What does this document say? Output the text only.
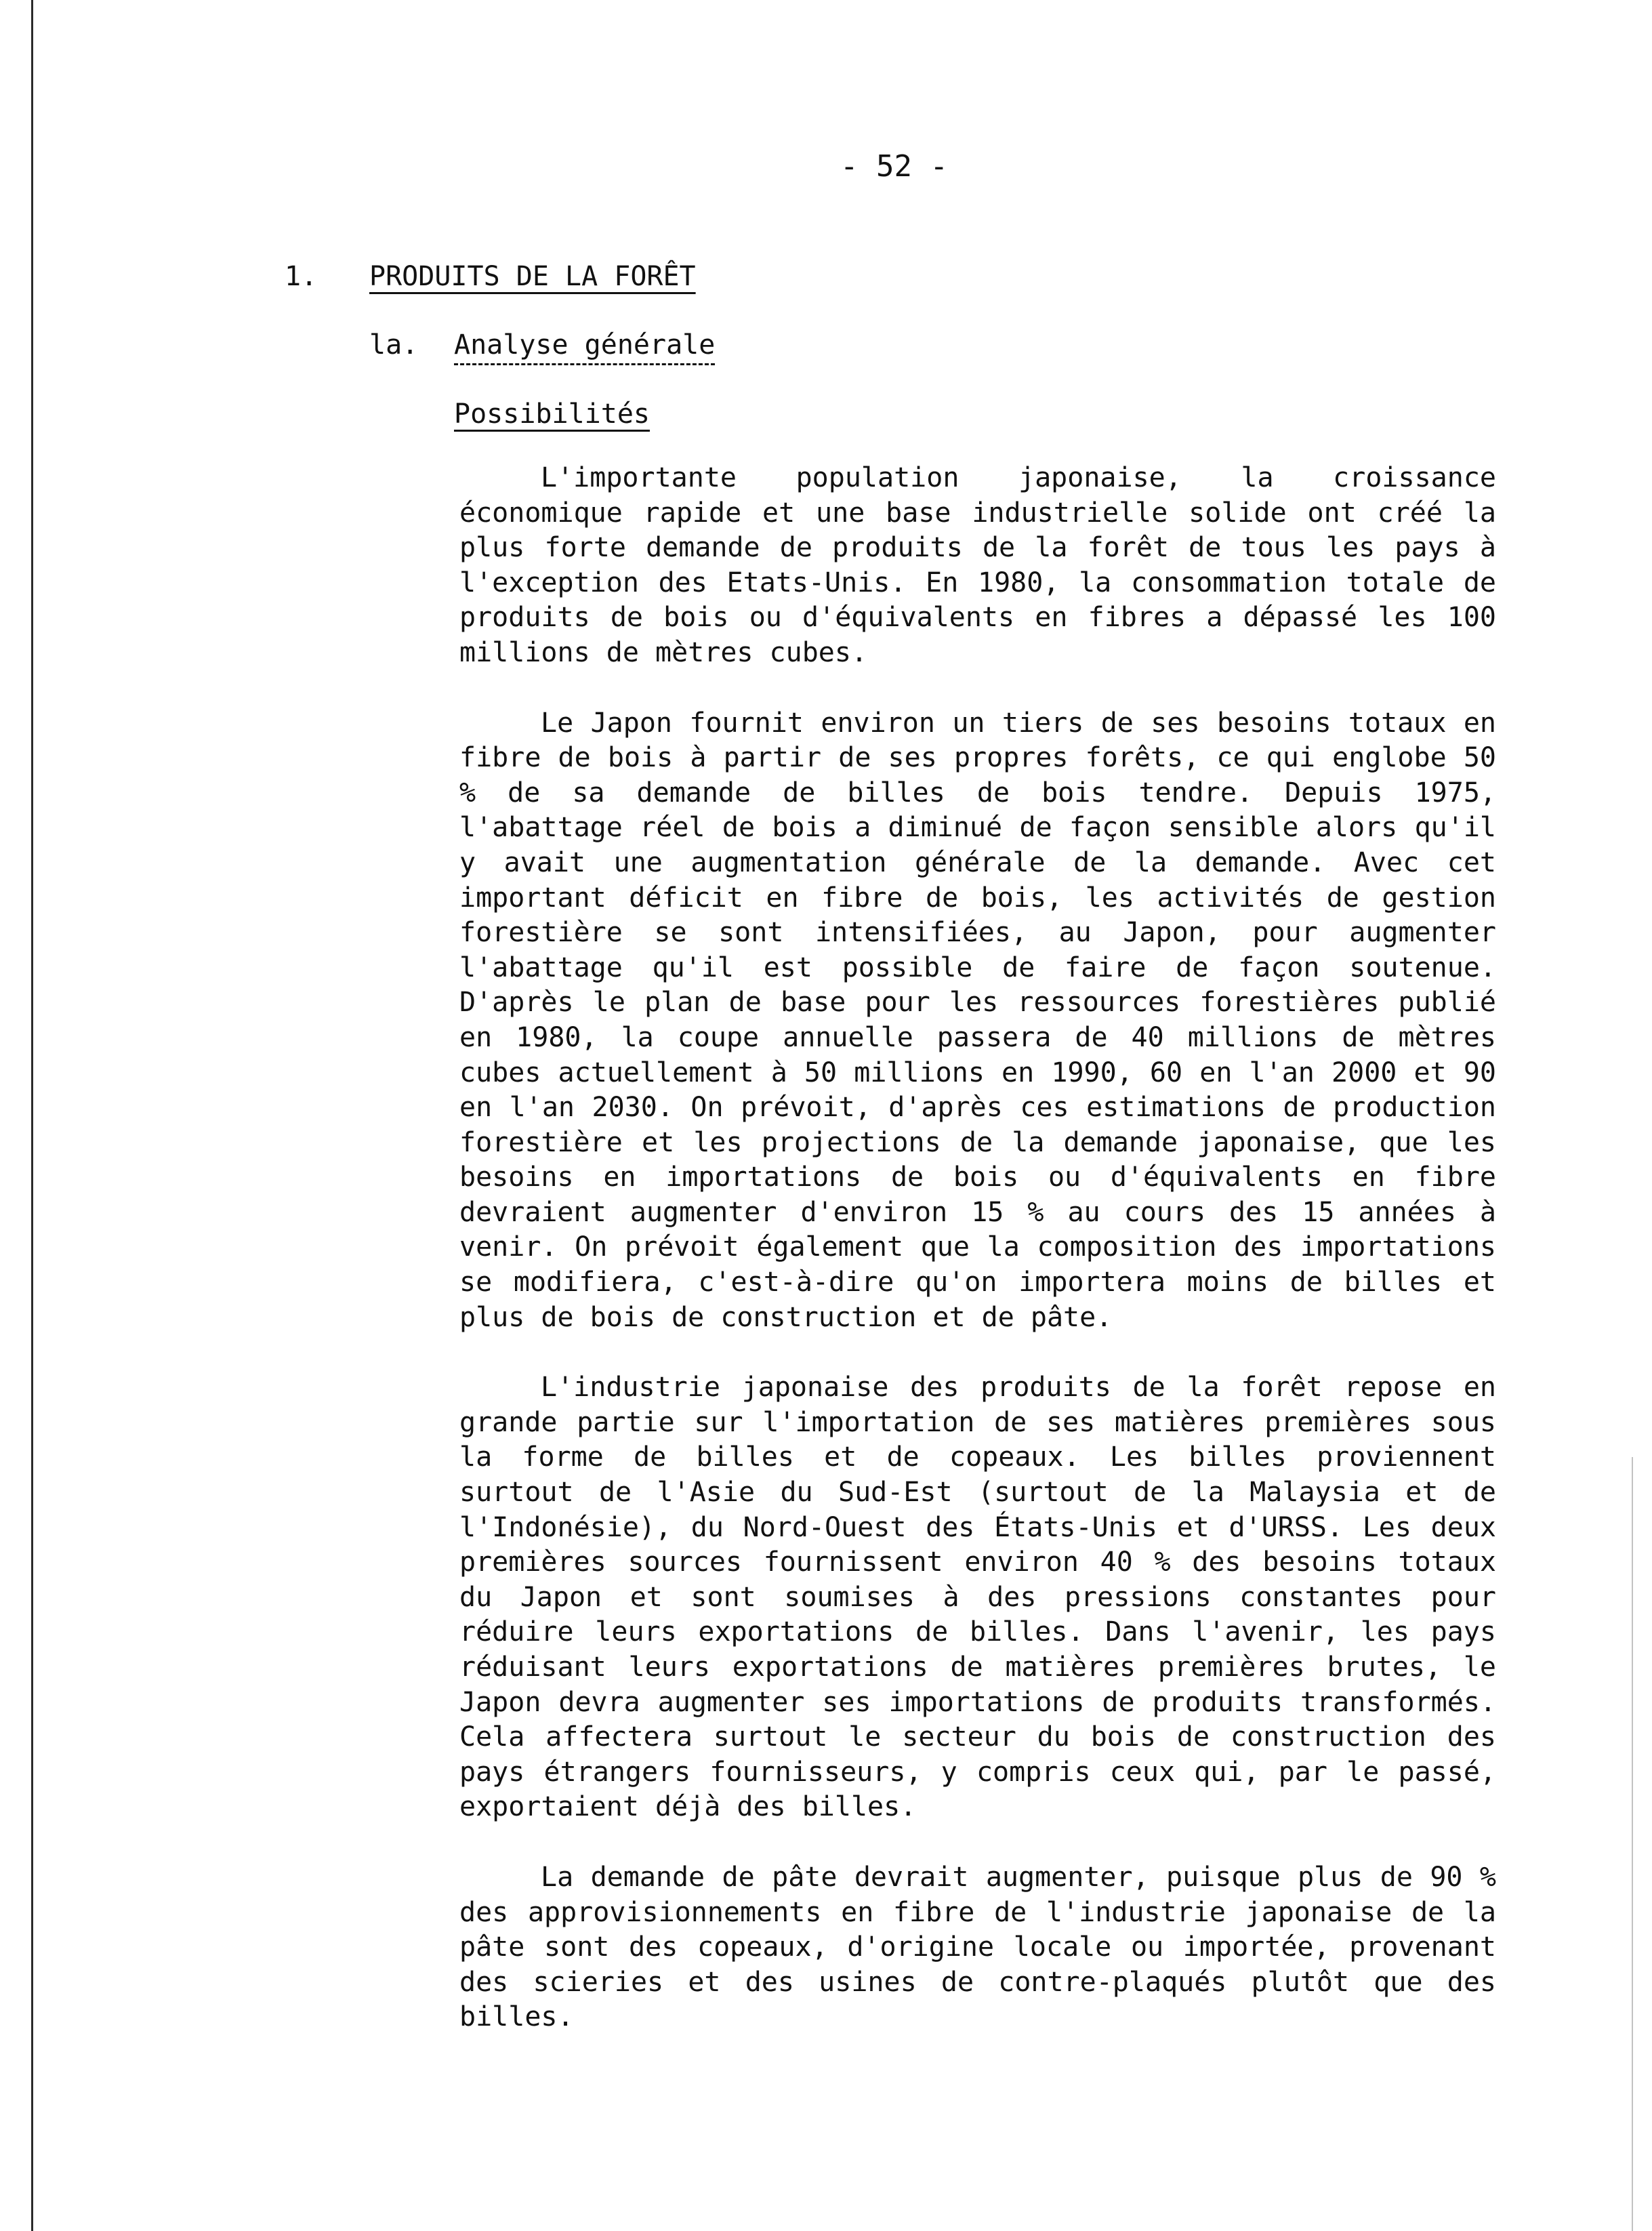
- 52 -
1. PRODUITS DE LA FORÊT
la. Analyse générale
Possibilités

L'importante population japonaise, la croissance économique rapide et une base industrielle solide ont créé la plus forte demande de produits de la forêt de tous les pays à l'exception des Etats-Unis. En 1980, la consommation totale de produits de bois ou d'équivalents en fibres a dépassé les 100 millions de mètres cubes.

Le Japon fournit environ un tiers de ses besoins totaux en fibre de bois à partir de ses propres forêts, ce qui englobe 50 % de sa demande de billes de bois tendre. Depuis 1975, l'abattage réel de bois a diminué de façon sensible alors qu'il y avait une augmentation générale de la demande. Avec cet important déficit en fibre de bois, les activités de gestion forestière se sont intensifiées, au Japon, pour augmenter l'abattage qu'il est possible de faire de façon soutenue. D'après le plan de base pour les ressources forestières publié en 1980, la coupe annuelle passera de 40 millions de mètres cubes actuellement à 50 millions en 1990, 60 en l'an 2000 et 90 en l'an 2030. On prévoit, d'après ces estimations de production forestière et les projections de la demande japonaise, que les besoins en importations de bois ou d'équivalents en fibre devraient augmenter d'environ 15 % au cours des 15 années à venir. On prévoit également que la composition des importations se modifiera, c'est-à-dire qu'on importera moins de billes et plus de bois de construction et de pâte.

L'industrie japonaise des produits de la forêt repose en grande partie sur l'importation de ses matières premières sous la forme de billes et de copeaux. Les billes proviennent surtout de l'Asie du Sud-Est (surtout de la Malaysia et de l'Indonésie), du Nord-Ouest des États-Unis et d'URSS. Les deux premières sources fournissent environ 40 % des besoins totaux du Japon et sont soumises à des pressions constantes pour réduire leurs exportations de billes. Dans l'avenir, les pays réduisant leurs exportations de matières premières brutes, le Japon devra augmenter ses importations de produits transformés. Cela affectera surtout le secteur du bois de construction des pays étrangers fournisseurs, y compris ceux qui, par le passé, exportaient déjà des billes.

La demande de pâte devrait augmenter, puisque plus de 90 % des approvisionnements en fibre de l'industrie japonaise de la pâte sont des copeaux, d'origine locale ou importée, provenant des scieries et des usines de contre-plaqués plutôt que des billes.
